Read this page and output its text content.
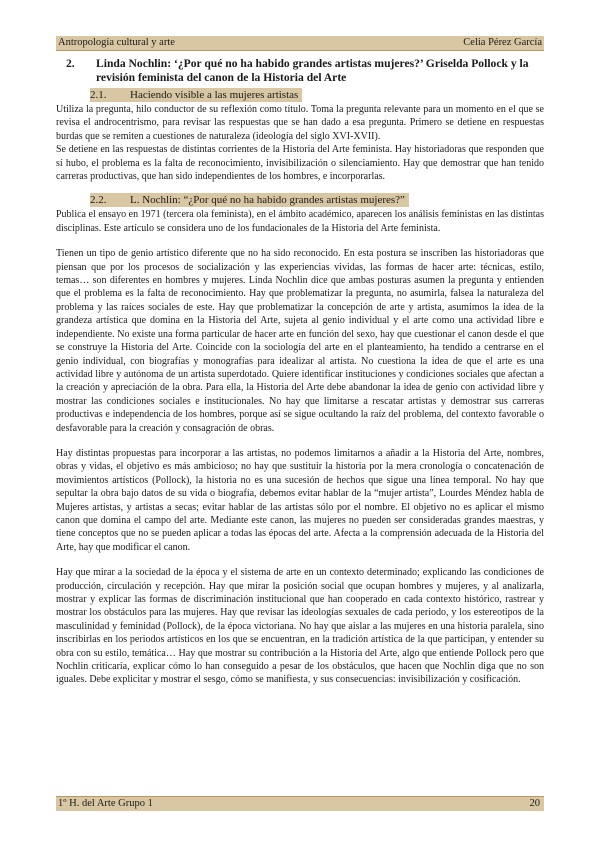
Antropología cultural y arte	Celia Pérez García
2.	Linda Nochlin: ‘¿Por qué no ha habido grandes artistas mujeres?’ Griselda Pollock y la revisión feminista del canon de la Historia del Arte
2.1.	Haciendo visible a las mujeres artistas

Utiliza la pregunta, hilo conductor de su reflexión como título. Toma la pregunta relevante para un momento en el que se revisa el androcentrismo, para revisar las respuestas que se han dado a esa pregunta. Primero se detiene en respuestas burdas que se remiten a cuestiones de naturaleza (ideología del siglo XVI-XVII).

Se detiene en las respuestas de distintas corrientes de la Historia del Arte feminista. Hay historiadoras que responden que sí hubo, el problema es la falta de reconocimiento, invisibilización o silenciamiento. Hay que demostrar que han tenido carreras productivas, que han sido independientes de los hombres, e incorporarlas.

2.2.	L. Nochlin: “¿Por qué no ha habido grandes artistas mujeres?”

Publica el ensayo en 1971 (tercera ola feminista), en el ámbito académico, aparecen los análisis feministas en las distintas disciplinas. Este artículo se considera uno de los fundacionales de la Historia del Arte feminista.

Tienen un tipo de genio artístico diferente que no ha sido reconocido. En esta postura se inscriben las historiadoras que piensan que por los procesos de socialización y las experiencias vividas, las formas de hacer arte: técnicas, estilo, temas… son diferentes en hombres y mujeres. Linda Nochlin dice que ambas posturas asumen la pregunta y entienden que el problema es la falta de reconocimiento. Hay que problematizar la pregunta, no asumirla, falsea la naturaleza del problema y las raíces sociales de este. Hay que problematizar la concepción de arte y artista, asumimos la idea de la grandeza artística que domina en la Historia del Arte, sujeta al genio individual y el arte como una actividad libre e independiente. No existe una forma particular de hacer arte en función del sexo, hay que cuestionar el canon desde el que se construye la Historia del Arte. Coincide con la sociología del arte en el planteamiento, ha tendido a centrarse en el genio individual, con biografías y monografías para idealizar al artista. No cuestiona la idea de que el arte es una actividad libre y autónoma de un artista superdotado. Quiere identificar instituciones y condiciones sociales que afectan a la creación y apreciación de la obra. Para ella, la Historia del Arte debe abandonar la idea de genio con actividad libre y mostrar las condiciones sociales e institucionales. No hay que limitarse a rescatar artistas y demostrar sus carreras productivas e independencia de los hombres, porque así se sigue ocultando la raíz del problema, del contexto favorable o desfavorable para la creación y consagración de obras.

Hay distintas propuestas para incorporar a las artistas, no podemos limitarnos a añadir a la Historia del Arte, nombres, obras y vidas, el objetivo es más ambicioso; no hay que sustituir la historia por la mera cronología o concatenación de movimientos artísticos (Pollock), la historia no es una sucesión de hechos que sigue una línea temporal. No hay que sepultar la obra bajo datos de su vida o biografía, debemos evitar hablar de la “mujer artista”, Lourdes Méndez habla de Mujeres artistas, y artistas a secas; evitar hablar de las artistas sólo por el nombre. El objetivo no es aplicar el mismo canon que domina el campo del arte. Mediante este canon, las mujeres no pueden ser consideradas grandes maestras, y tiene conceptos que no se pueden aplicar a todas las épocas del arte. Afecta a la comprensión adecuada de la Historia del Arte, hay que modificar el canon.

Hay que mirar a la sociedad de la época y el sistema de arte en un contexto determinado; explicando las condiciones de producción, circulación y recepción. Hay que mirar la posición social que ocupan hombres y mujeres, y al analizarla, mostrar y explicar las formas de discriminación institucional que han cooperado en cada contexto histórico, rastrear y mostrar los obstáculos para las mujeres. Hay que revisar las ideologías sexuales de cada periodo, y los estereotipos de la masculinidad y feminidad (Pollock), de la época victoriana. No hay que aislar a las mujeres en una historia paralela, sino inscribirlas en los periodos artísticos en los que se encuentran, en la tradición artística de la que participan, y entender su obra con su estilo, temática… Hay que mostrar su contribución a la Historia del Arte, algo que entiende Pollock pero que Nochlin criticaría, explicar cómo lo han conseguido a pesar de los obstáculos, que hacen que Nochlin diga que no son iguales. Debe explicitar y mostrar el sesgo, cómo se manifiesta, y sus consecuencias: invisibilización y cosificación.

1º H. del Arte Grupo 1	20
